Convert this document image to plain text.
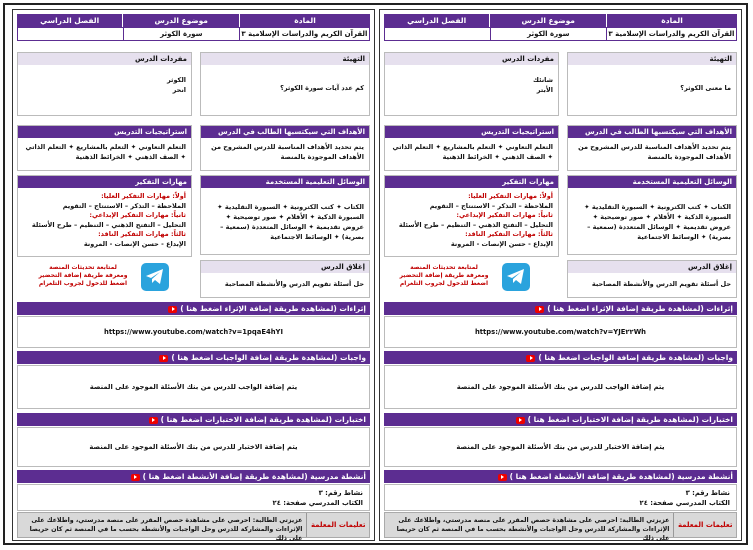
المادة
موضوع الدرس
الفصل الدراسي
القرآن الكريم والدراسات الإسلامية ٣
سورة الكوثر
التهيئة
ما معنى الكوثر؟
مفردات الدرس
شانئك
الأبتر
الأهداف التي سيكتسبها الطالب في الدرس
يتم تحديد الأهداف المناسبة للدرس المشروح من الأهداف الموجودة بالمنصة
استراتيجيات التدريس
التعلم التعاوني ✦ التعلم بالمشاريع ✦ التعلم الذاتي ✦ الصف الذهني ✦ الخرائط الذهنية
الوسائل التعليمية المستخدمة
الكتاب ✦ كتب الكترونية ✦ السبورة التقليدية ✦ السبورة الذكية ✦ الأقلام ✦ صور توضيحية ✦ عروض تقديمية ✦ الوسائل المتعددة (سمعية – بصرية) ✦ الوسائط الاجتماعية
مهارات التفكير
أولاً: مهارات التفكير العليا:
الملاحظة – التذكر – الاستنتاج – التقويم
ثانياً: مهارات التفكير الإبداعي:
التحليل – التفتح الذهني – التنظيم – طرح الأسئلة
ثالثاً: مهارات التفكير الناقد:
الإبداع - حسن الإنصات - المرونة
إغلاق الدرس
حل أسئلة تقويم الدرس والأنشطة المصاحبة
لمتابعة تحديثات المنصة
ومعرفة طريقة إضافة التحضير
اضغط للدخول لجروب التلغرام
إثراءات (لمشاهدة طريقة إضافة الإثراء اضغط هنا )
https://www.youtube.com/watch?v=YJE٢٢Wh
واجبات (لمشاهدة طريقة إضافة الواجبات اضغط هنا )
يتم إضافة الواجب للدرس من بنك الأسئلة الموجود على المنصة
اختبارات (لمشاهدة طريقة إضافة الاختبارات اضغط هنا )
يتم إضافة الاختبار للدرس من بنك الأسئلة الموجود على المنصة
أنشطة مدرسية (لمشاهدة طريقة إضافة الأنشطة اضغط هنا )
نشاط رقم: ٣
الكتاب المدرسي صفحة: ٢٤
تعليمات المعلمة
عزيزتي الطالبة: احرصي على مشاهدة حصص المقرر على منصة مدرستي، واطلاعك على الإثراءات والمشاركة للدرس وحل الواجبات والأنشطة بحسب ما في المنصة ثم كان حريصا على ذلك
المادة
موضوع الدرس
الفصل الدراسي
القرآن الكريم والدراسات الإسلامية ٣
سورة الكوثر
التهيئة
كم عدد آيات سورة الكوثر؟
مفردات الدرس
الكوثر
انحر
الأهداف التي سيكتسبها الطالب في الدرس
يتم تحديد الأهداف المناسبة للدرس المشروح من الأهداف الموجودة بالمنصة
استراتيجيات التدريس
التعلم التعاوني ✦ التعلم بالمشاريع ✦ التعلم الذاتي ✦ الصف الذهني ✦ الخرائط الذهنية
الوسائل التعليمية المستخدمة
الكتاب ✦ كتب الكترونية ✦ السبورة التقليدية ✦ السبورة الذكية ✦ الأقلام ✦ صور توضيحية ✦ عروض تقديمية ✦ الوسائل المتعددة (سمعية – بصرية) ✦ الوسائط الاجتماعية
مهارات التفكير
أولاً: مهارات التفكير العليا:
الملاحظة – التذكر – الاستنتاج – التقويم
ثانياً: مهارات التفكير الإبداعي:
التحليل – التفتح الذهني – التنظيم – طرح الأسئلة
ثالثاً: مهارات التفكير الناقد:
الإبداع - حسن الإنصات - المرونة
إغلاق الدرس
حل أسئلة تقويم الدرس والأنشطة المصاحبة
لمتابعة تحديثات المنصة
ومعرفة طريقة إضافة التحضير
اضغط للدخول لجروب التلغرام
إثراءات (لمشاهدة طريقة إضافة الإثراء اضغط هنا )
https://www.youtube.com/watch?v=1pqaE4hYI
واجبات (لمشاهدة طريقة إضافة الواجبات اضغط هنا )
يتم إضافة الواجب للدرس من بنك الأسئلة الموجود على المنصة
اختبارات (لمشاهدة طريقة إضافة الاختبارات اضغط هنا )
يتم إضافة الاختبار للدرس من بنك الأسئلة الموجود على المنصة
أنشطة مدرسية (لمشاهدة طريقة إضافة الأنشطة اضغط هنا )
نشاط رقم: ٣
الكتاب المدرسي صفحة: ٢٤
تعليمات المعلمة
عزيزتي الطالبة: احرصي على مشاهدة حصص المقرر على منصة مدرستي، واطلاعك على الإثراءات والمشاركة للدرس وحل الواجبات والأنشطة بحسب ما في المنصة ثم كان حريصا على ذلك
